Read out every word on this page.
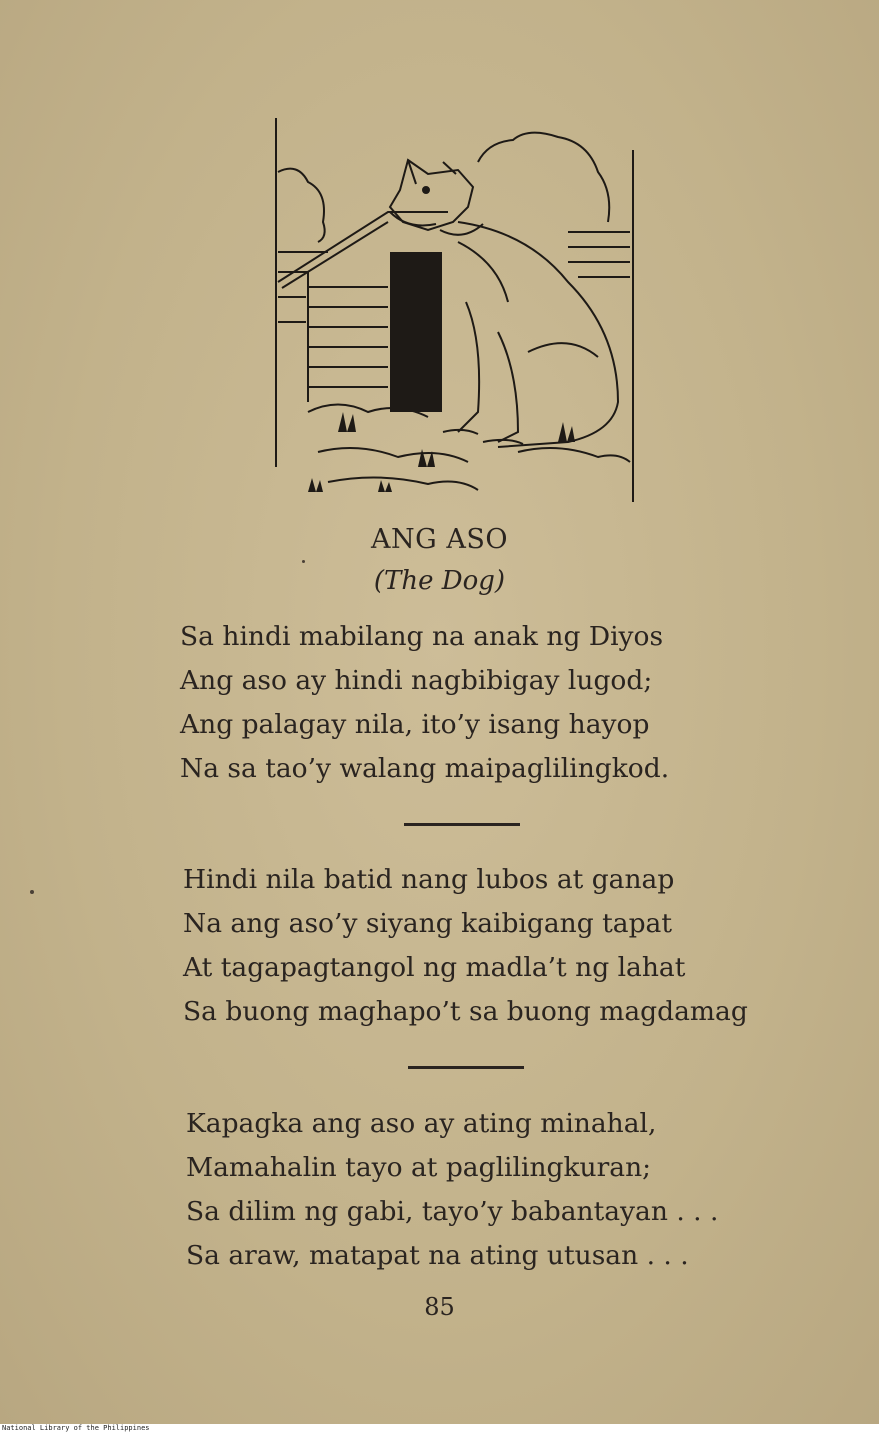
ANG ASO
(The Dog)
Sa hindi mabilang na anak ng Diyos
Ang aso ay hindi nagbibigay lugod;
Ang palagay nila, ito’y isang hayop
Na sa tao’y walang maipaglilingkod.
Hindi nila batid nang lubos at ganap
Na ang aso’y siyang kaibigang tapat
At tagapagtangol ng madla’t ng lahat
Sa buong maghapo’t sa buong magdamag
Kapagka ang aso ay ating minahal,
Mamahalin tayo at paglilingkuran;
Sa dilim ng gabi, tayo’y babantayan . . .
Sa araw, matapat na ating utusan . . .
85
National Library of the Philippines
